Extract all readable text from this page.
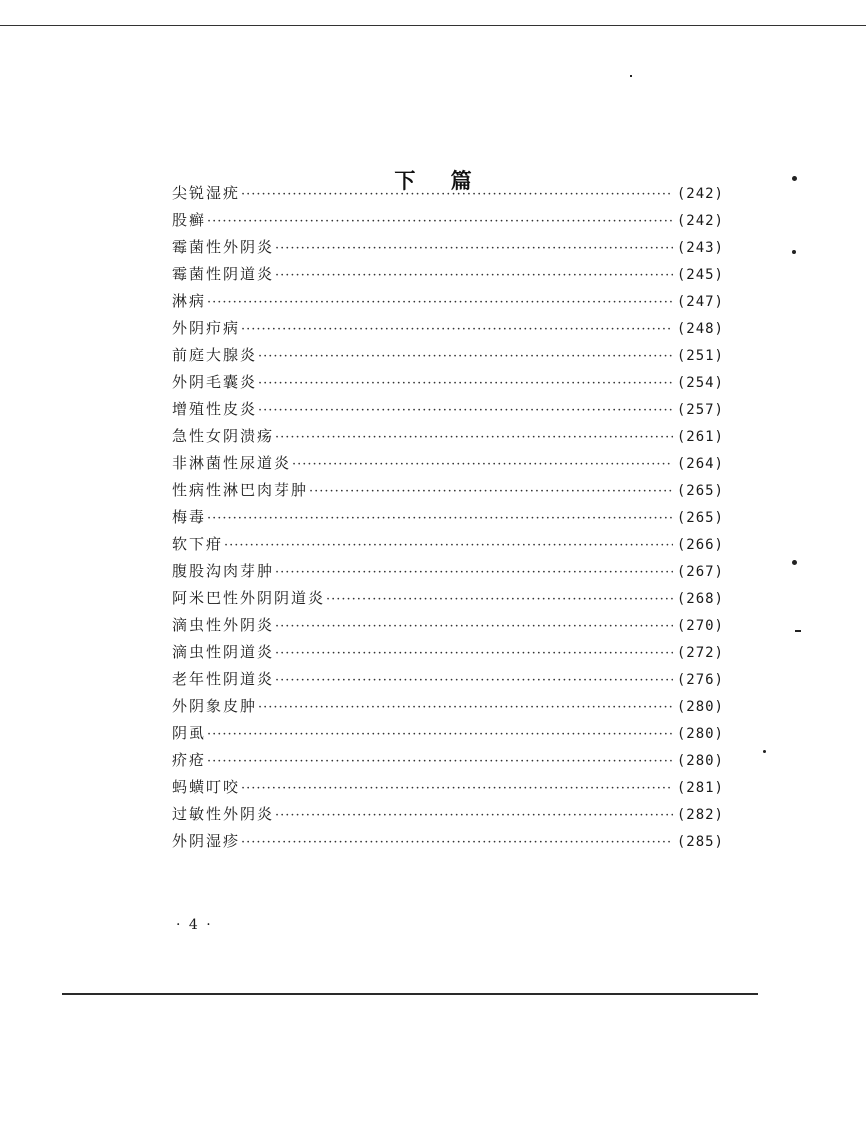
下 篇
尖锐湿疣 ·····	(242)
股癣 ·····	(242)
霉菌性外阴炎 ·····	(243)
霉菌性阴道炎 ·····	(245)
淋病 ·····	(247)
外阴疖病 ·····	(248)
前庭大腺炎 ·····	(251)
外阴毛囊炎 ·····	(254)
增殖性皮炎 ·····	(257)
急性女阴溃疡 ·····	(261)
非淋菌性尿道炎 ·····	(264)
性病性淋巴肉芽肿 ·····	(265)
梅毒 ·····	(265)
软下疳 ·····	(266)
腹股沟肉芽肿 ·····	(267)
阿米巴性外阴阴道炎 ·····	(268)
滴虫性外阴炎 ·····	(270)
滴虫性阴道炎 ·····	(272)
老年性阴道炎 ·····	(276)
外阴象皮肿 ·····	(280)
阴虱 ·····	(280)
疥疮 ·····	(280)
蚂蟥叮咬 ·····	(281)
过敏性外阴炎 ·····	(282)
外阴湿疹 ·····	(285)
· 4 ·
